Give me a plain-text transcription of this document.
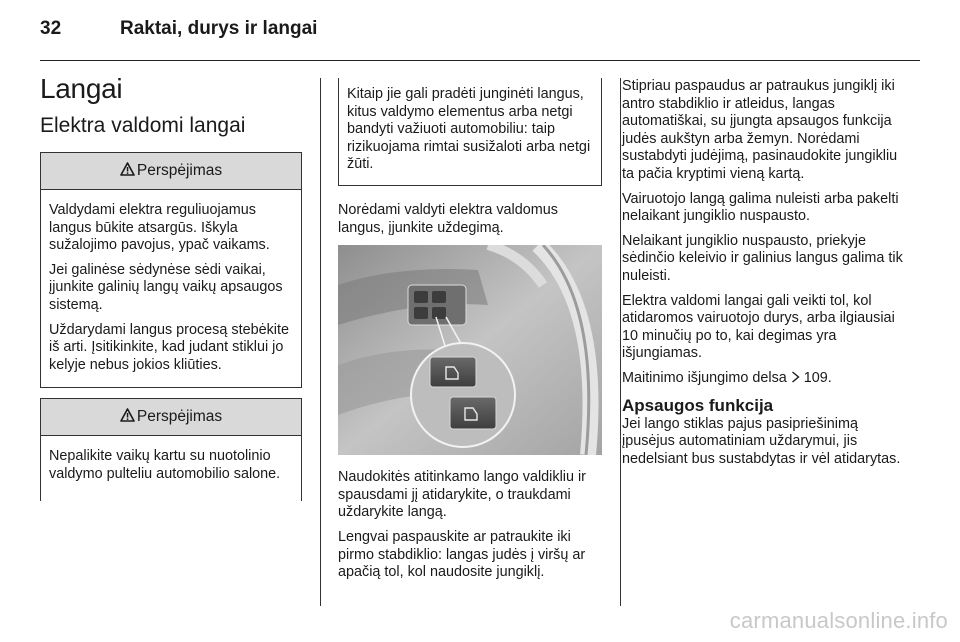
32	Raktai, durys ir langai
Langai
Elektra valdomi langai
Perspėjimas

Valdydami elektra reguliuojamus langus būkite atsargūs. Iškyla sužalojimo pavojus, ypač vaikams.

Jei galinėse sėdynėse sėdi vaikai, įjunkite galinių langų vaikų apsaugos sistemą.

Uždarydami langus procesą stebėkite iš arti. Įsitikinkite, kad judant stiklui jo kelyje nebus jokios kliūties.

Perspėjimas

Nepalikite vaikų kartu su nuotolinio valdymo pulteliu automobilio salone.

Kitaip jie gali pradėti junginėti langus, kitus valdymo elementus arba netgi bandyti važiuoti automobiliu: taip rizikuojama rimtai susižaloti arba netgi žūti.

Norėdami valdyti elektra valdomus langus, įjunkite uždegimą.

Naudokitės atitinkamo lango valdikliu ir spausdami jį atidarykite, o traukdami uždarykite langą.

Lengvai paspauskite ar patraukite iki pirmo stabdiklio: langas judės į viršų ar apačią tol, kol naudosite jungiklį.

Stipriau paspaudus ar patraukus jungiklį iki antro stabdiklio ir atleidus, langas automatiškai, su įjungta apsaugos funkcija judės aukštyn arba žemyn. Norėdami sustabdyti judėjimą, pasinaudokite jungikliu ta pačia kryptimi vieną kartą.

Vairuotojo langą galima nuleisti arba pakelti nelaikant jungiklio nuspausto.

Nelaikant jungiklio nuspausto, priekyje sėdinčio keleivio ir galinius langus galima tik nuleisti.

Elektra valdomi langai gali veikti tol, kol atidaromos vairuotojo durys, arba ilgiausiai 10 minučių po to, kai degimas yra išjungiamas.

Maitinimo išjungimo delsa 109.

Apsaugos funkcija

Jei lango stiklas pajus pasipriešinimą įpusėjus automatiniam uždarymui, jis nedelsiant bus sustabdytas ir vėl atidarytas.

carmanualsonline.info
